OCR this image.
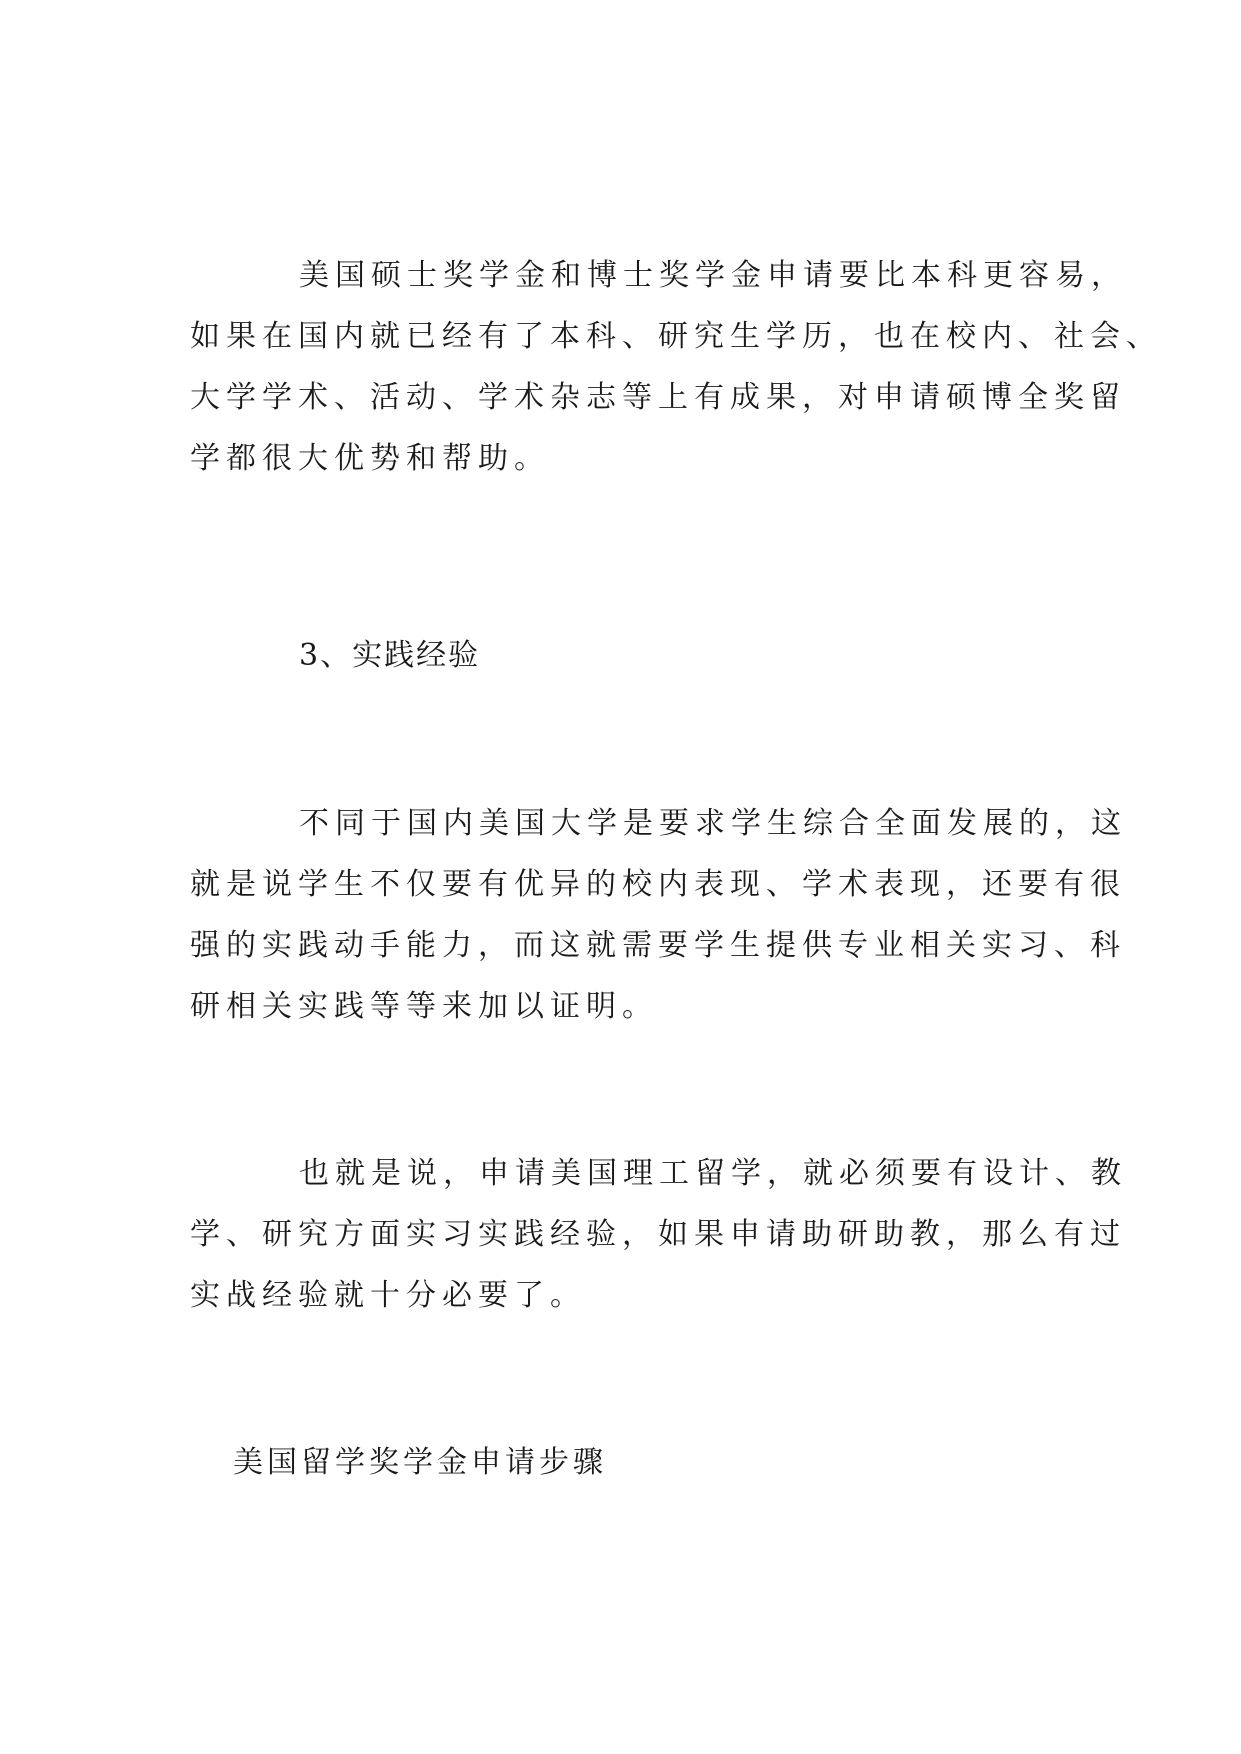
美国硕士奖学金和博士奖学金申请要比本科更容易，
如果在国内就已经有了本科、研究生学历，也在校内、社会、
大学学术、活动、学术杂志等上有成果，对申请硕博全奖留
学都很大优势和帮助。
3、实践经验
不同于国内美国大学是要求学生综合全面发展的，这
就是说学生不仅要有优异的校内表现、学术表现，还要有很
强的实践动手能力，而这就需要学生提供专业相关实习、科
研相关实践等等来加以证明。
也就是说，申请美国理工留学，就必须要有设计、教
学、研究方面实习实践经验，如果申请助研助教，那么有过
实战经验就十分必要了。
美国留学奖学金申请步骤
